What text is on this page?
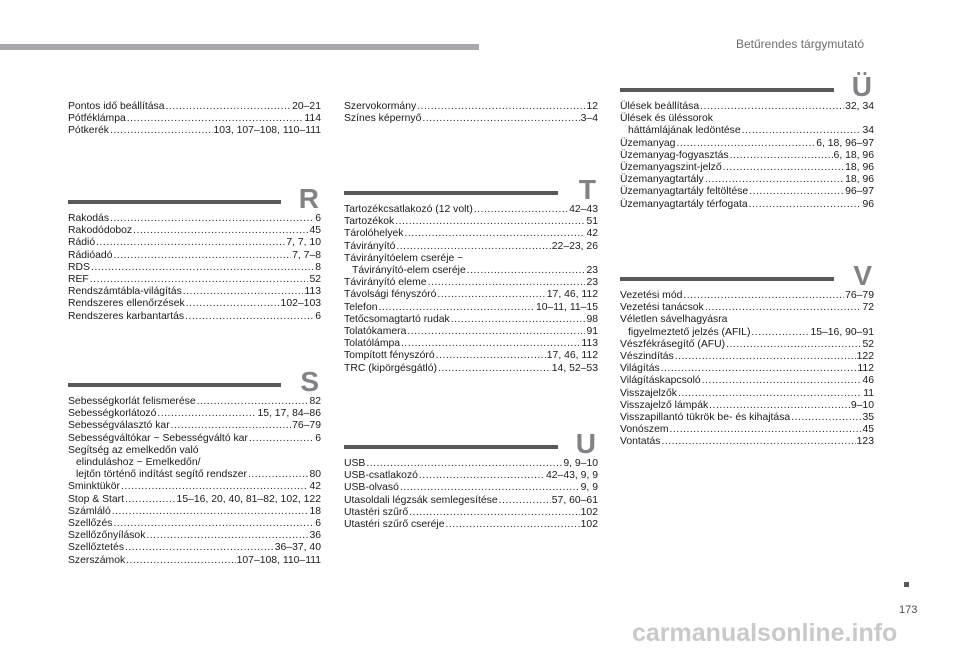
Betűrendes tárgymutató
Pontos idő beállítása .....	20–21
Pótféklámpa .....	114
Pótkerék .....	103, 107–108, 110–111
R
Rakodás .....	6
Rakodódoboz .....	45
Rádió .....	7, 7, 10
Rádióadó .....	7, 7–8
RDS .....	8
REF .....	52
Rendszámtábla-világítás .....	113
Rendszeres ellenőrzések .....	102–103
Rendszeres karbantartás .....	6
S
Sebességkorlát felismerése .....	82
Sebességkorlátozó .....	15, 17, 84–86
Sebességválasztó kar .....	76–79
Sebességváltókar ~ Sebességváltó kar .....	6
Segítség az emelkedőn való
elinduláshoz ~ Emelkedőn/
lejtőn történő indítást segítő rendszer .....	80
Sminktükör .....	42
Stop & Start .....	15–16, 20, 40, 81–82, 102, 122
Számláló .....	18
Szellőzés .....	6
Szellőzőnyílások .....	36
Szellőztetés .....	36–37, 40
Szerszámok .....	107–108, 110–111
Szervokormány .....	12
Színes képernyő .....	3–4
T
Tartozékcsatlakozó (12 volt) .....	42–43
Tartozékok .....	51
Tárolóhelyek .....	42
Távirányító .....	22–23, 26
Távirányítóelem cseréje ~
Távirányító-elem cseréje .....	23
Távirányító eleme .....	23
Távolsági fényszóró .....	17, 46, 112
Telefon .....	10–11, 11–15
Tetőcsomagtartó rudak .....	98
Tolatókamera .....	91
Tolatólámpa .....	113
Tompított fényszóró .....	17, 46, 112
TRC (kipörgésgátló) .....	14, 52–53
U
USB .....	9, 9–10
USB-csatlakozó .....	42–43, 9, 9
USB-olvasó .....	9, 9
Utasoldali légzsák semlegesítése .....	57, 60–61
Utastéri szűrő .....	102
Utastéri szűrő cseréje .....	102
Ü
Ülések beállítása .....	32, 34
Ülések és üléssorok
háttámlájának ledöntése .....	34
Üzemanyag .....	6, 18, 96–97
Üzemanyag-fogyasztás .....	6, 18, 96
Üzemanyagszint-jelző .....	18, 96
Üzemanyagtartály .....	18, 96
Üzemanyagtartály feltöltése .....	96–97
Üzemanyagtartály térfogata .....	96
V
Vezetési mód .....	76–79
Vezetési tanácsok .....	72
Véletlen sávelhagyásra
figyelmeztető jelzés (AFIL) .....	15–16, 90–91
Vészfékrásegítő (AFU) .....	52
Vészindítás .....	122
Világítás .....	112
Világításkapcsoló .....	46
Visszajelzők .....	11
Visszajelző lámpák .....	9–10
Visszapillantó tükrök be- és kihajtása .....	35
Vonószem .....	45
Vontatás .....	123
173
carmanualsonline.info
